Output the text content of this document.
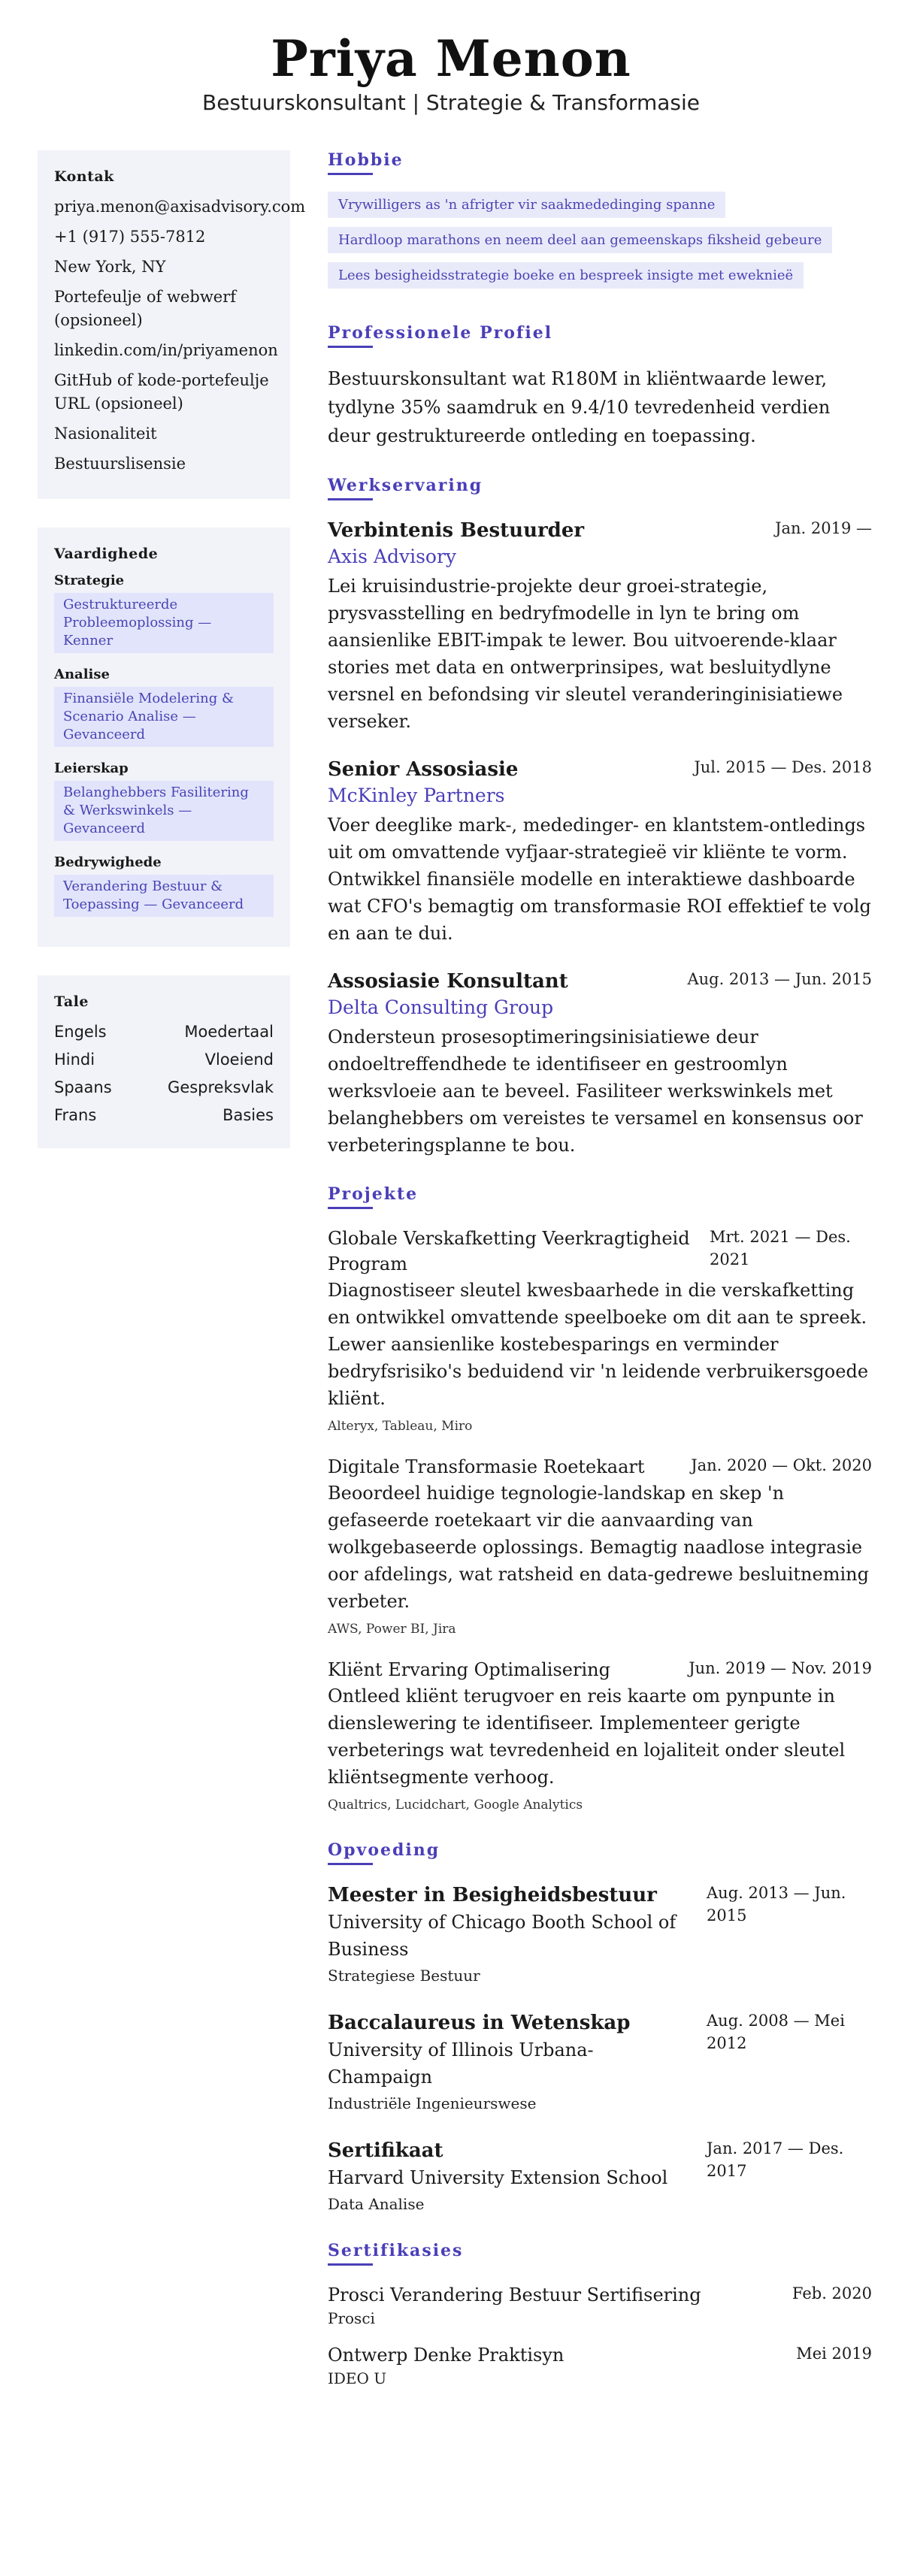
Priya Menon
Bestuurskonsultant | Strategie & Transformasie
Kontak
priya.menon@axisadvisory.com
+1 (917) 555-7812
New York, NY
Portefeulje of webwerf (opsioneel)
linkedin.com/in/priyamenon
GitHub of kode-portefeulje URL (opsioneel)
Nasionaliteit
Bestuurslisensie
Vaardighede
Strategie
Gestruktureerde Probleemoplossing — Kenner
Analise
Finansiële Modelering & Scenario Analise — Gevanceerd
Leierskap
Belanghebbers Fasilitering & Werkswinkels — Gevanceerd
Bedrywighede
Verandering Bestuur & Toepassing — Gevanceerd
Tale
Engels	Moedertaal
Hindi	Vloeiend
Spaans	Gespreksvlak
Frans	Basies
Hobbie
Vrywilligers as 'n afrigter vir saakmededinging spanne
Hardloop marathons en neem deel aan gemeenskaps fiksheid gebeure
Lees besigheidsstrategie boeke en bespreek insigte met eweknieë
Professionele Profiel
Bestuurskonsultant wat R180M in kliëntwaarde lewer, tydlyne 35% saamdruk en 9.4/10 tevredenheid verdien deur gestruktureerde ontleding en toepassing.
Werkservaring
Verbintenis Bestuurder	Jan. 2019 —
Axis Advisory
Lei kruisindustrie-projekte deur groei-strategie, prysvasstelling en bedryfmodelle in lyn te bring om aansienlike EBIT-impak te lewer. Bou uitvoerende-klaar stories met data en ontwerprinsipes, wat besluitydlyne versnel en befondsing vir sleutel veranderinginisiatiewe verseker.
Senior Assosiasie	Jul. 2015 — Des. 2018
McKinley Partners
Voer deeglike mark-, mededinger- en klantstem-ontledings uit om omvattende vyfjaar-strategieë vir kliënte te vorm. Ontwikkel finansiële modelle en interaktiewe dashboarde wat CFO's bemagtig om transformasie ROI effektief te volg en aan te dui.
Assosiasie Konsultant	Aug. 2013 — Jun. 2015
Delta Consulting Group
Ondersteun prosesoptimeringsinisiatiewe deur ondoeltreffendhede te identifiseer en gestroomlyn werksvloeie aan te beveel. Fasiliteer werkswinkels met belanghebbers om vereistes te versamel en konsensus oor verbeteringsplanne te bou.
Projekte
Globale Verskafketting Veerkragtigheid Program
Mrt. 2021 — Des. 2021
Diagnostiseer sleutel kwesbaarhede in die verskafketting en ontwikkel omvattende speelboeke om dit aan te spreek. Lewer aansienlike kostebesparings en verminder bedryfsrisiko's beduidend vir 'n leidende verbruikersgoede kliënt.
Alteryx, Tableau, Miro
Digitale Transformasie Roetekaart	Jan. 2020 — Okt. 2020
Beoordeel huidige tegnologie-landskap en skep 'n gefaseerde roetekaart vir die aanvaarding van wolkgebaseerde oplossings. Bemagtig naadlose integrasie oor afdelings, wat ratsheid en data-gedrewe besluitneming verbeter.
AWS, Power BI, Jira
Kliënt Ervaring Optimalisering	Jun. 2019 — Nov. 2019
Ontleed kliënt terugvoer en reis kaarte om pynpunte in dienslewering te identifiseer. Implementeer gerigte verbeterings wat tevredenheid en lojaliteit onder sleutel kliëntsegmente verhoog.
Qualtrics, Lucidchart, Google Analytics
Opvoeding
Meester in Besigheidsbestuur
University of Chicago Booth School of Business
Aug. 2013 — Jun. 2015
Strategiese Bestuur
Baccalaureus in Wetenskap
University of Illinois Urbana-Champaign
Aug. 2008 — Mei 2012
Industriële Ingenieurswese
Sertifikaat
Harvard University Extension School
Jan. 2017 — Des. 2017
Data Analise
Sertifikasies
Prosci Verandering Bestuur Sertifisering	Feb. 2020
Prosci
Ontwerp Denke Praktisyn	Mei 2019
IDEO U
